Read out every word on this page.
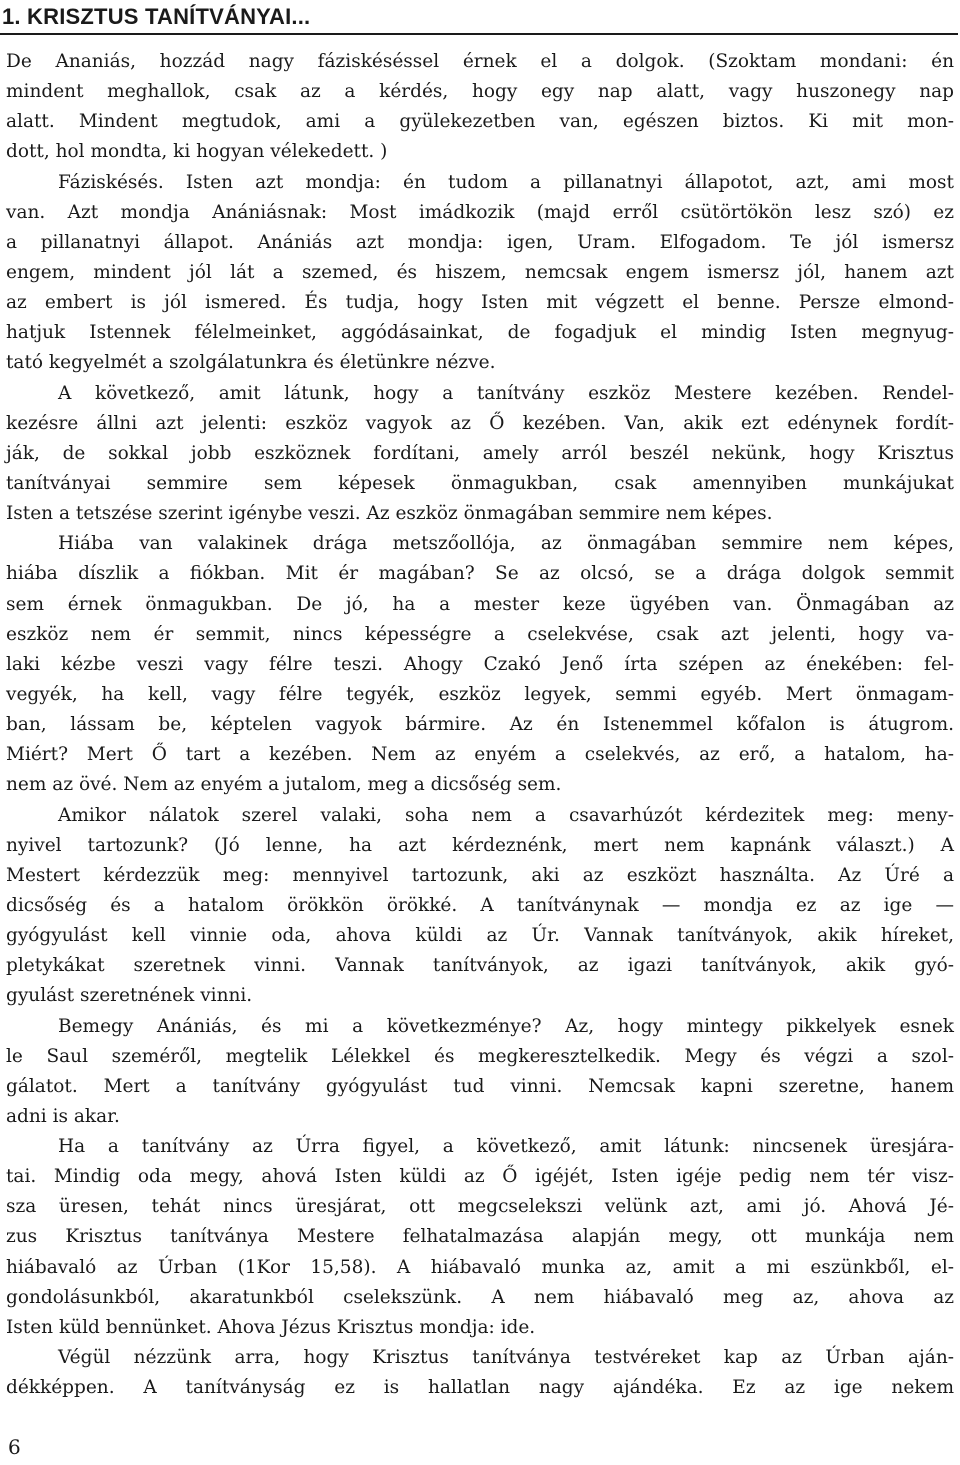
1. KRISZTUS TANÍTVÁNYAI...
De Ananiás, hozzád nagy fáziskéséssel érnek el a dolgok. (Szoktam mondani: én
mindent meghallok, csak az a kérdés, hogy egy nap alatt, vagy huszonegy nap
alatt. Mindent megtudok, ami a gyülekezetben van, egészen biztos. Ki mit mon-
dott, hol mondta, ki hogyan vélekedett. )
Fáziskésés. Isten azt mondja: én tudom a pillanatnyi állapotot, azt, ami most
van. Azt mondja Anániásnak: Most imádkozik (majd erről csütörtökön lesz szó) ez
a pillanatnyi állapot. Anániás azt mondja: igen, Uram. Elfogadom. Te jól ismersz
engem, mindent jól lát a szemed, és hiszem, nemcsak engem ismersz jól, hanem azt
az embert is jól ismered. És tudja, hogy Isten mit végzett el benne. Persze elmond-
hatjuk Istennek félelmeinket, aggódásainkat, de fogadjuk el mindig Isten megnyug-
tató kegyelmét a szolgálatunkra és életünkre nézve.
A következő, amit látunk, hogy a tanítvány eszköz Mestere kezében. Rendel-
kezésre állni azt jelenti: eszköz vagyok az Ő kezében. Van, akik ezt edénynek fordít-
ják, de sokkal jobb eszköznek fordítani, amely arról beszél nekünk, hogy Krisztus
tanítványai semmire sem képesek önmagukban, csak amennyiben munkájukat
Isten a tetszése szerint igénybe veszi. Az eszköz önmagában semmire nem képes.
Hiába van valakinek drága metszőollója, az önmagában semmire nem képes,
hiába díszlik a fiókban. Mit ér magában? Se az olcsó, se a drága dolgok semmit
sem érnek önmagukban. De jó, ha a mester keze ügyében van. Önmagában az
eszköz nem ér semmit, nincs képességre a cselekvése, csak azt jelenti, hogy va-
laki kézbe veszi vagy félre teszi. Ahogy Czakó Jenő írta szépen az énekében: fel-
vegyék, ha kell, vagy félre tegyék, eszköz legyek, semmi egyéb. Mert önmagam-
ban, lássam be, képtelen vagyok bármire. Az én Istenemmel kőfalon is átugrom.
Miért? Mert Ő tart a kezében. Nem az enyém a cselekvés, az erő, a hatalom, ha-
nem az övé. Nem az enyém a jutalom, meg a dicsőség sem.
Amikor nálatok szerel valaki, soha nem a csavarhúzót kérdezitek meg: meny-
nyivel tartozunk? (Jó lenne, ha azt kérdeznénk, mert nem kapnánk választ.) A
Mestert kérdezzük meg: mennyivel tartozunk, aki az eszközt használta. Az Úré a
dicsőség és a hatalom örökkön örökké. A tanítványnak — mondja ez az ige —
gyógyulást kell vinnie oda, ahova küldi az Úr. Vannak tanítványok, akik híreket,
pletykákat szeretnek vinni. Vannak tanítványok, az igazi tanítványok, akik gyó-
gyulást szeretnének vinni.
Bemegy Anániás, és mi a következménye? Az, hogy mintegy pikkelyek esnek
le Saul szeméről, megtelik Lélekkel és megkeresztelkedik. Megy és végzi a szol-
gálatot. Mert a tanítvány gyógyulást tud vinni. Nemcsak kapni szeretne, hanem
adni is akar.
Ha a tanítvány az Úrra figyel, a következő, amit látunk: nincsenek üresjára-
tai. Mindig oda megy, ahová Isten küldi az Ő igéjét, Isten igéje pedig nem tér visz-
sza üresen, tehát nincs üresjárat, ott megcselekszi velünk azt, ami jó. Ahová Jé-
zus Krisztus tanítványa Mestere felhatalmazása alapján megy, ott munkája nem
hiábavaló az Úrban (1Kor 15,58). A hiábavaló munka az, amit a mi eszünkből, el-
gondolásunkból, akaratunkból cselekszünk. A nem hiábavaló meg az, ahova az
Isten küld bennünket. Ahova Jézus Krisztus mondja: ide.
Végül nézzünk arra, hogy Krisztus tanítványa testvéreket kap az Úrban aján-
dékképpen. A tanítványság ez is hallatlan nagy ajándéka. Ez az ige nekem
6
